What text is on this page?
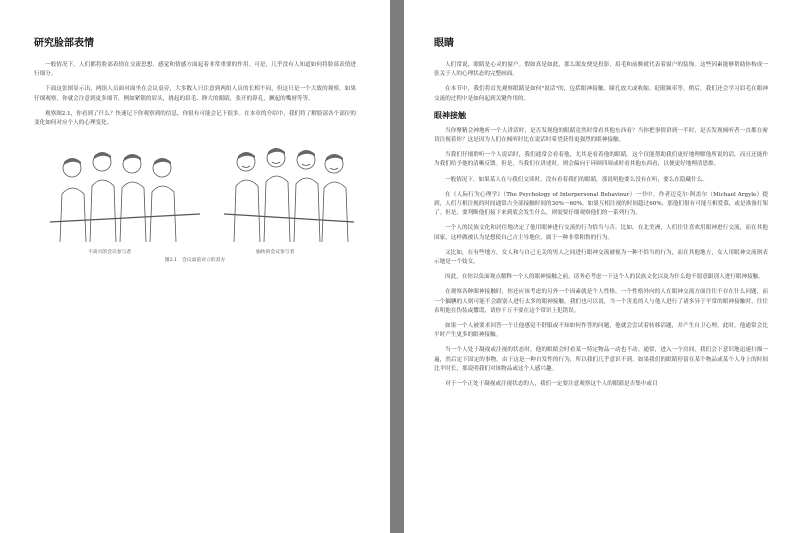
研究脸部表情

一般情况下，人们都将脸部表情在交流思想、感觉和情感方面起着非常重要的作用。可是，几乎没有人知道如何将脸部表情进行细分。

下面这张图显示出，两组人员面对面坐在会议桌旁，大多数人只注意到两组人员的长相不同，但这只是一个大致的观察。如果仔细观察，你就会注意到更多细节，例如紧锁的眉头，挑起的眉毛、睁大的眼睛，张开的鼻孔，撅起的嘴唇等等。

观察图2.1，你看到了什么？快速记下你观察到的信息，你很有可能会记下很多。在本章的介绍中，我们将了解脸部各个部位的变化如何对应个人的心理变化。

不高兴的会议参与者	愉快的会议参与者
图2.1　会议桌前对立的双方
眼睛

人们常说，眼睛是心灵的窗户。假如真是如此，那么眼皮便是投影，眉毛和前额就代表着窗户的装饰。这些因素能够帮助你构成一张关于人的心理状态的完整画面。

在本节中，我们将首先观察眼睛是如何"说话"的，包括眼神接触、瞳孔放大或收缩、眨眼频率等。稍后，我们还会学习眉毛在眼神交流的过程中是如何起到关键作用的。

眼神接触

当你聚精会神地听一个人讲话时，是否发现他的眼睛竟然时常看其他东西看？当你把事情讲到一半时，是否发现倾听者一直都在密切注视着你？这是因为人们在倾听时比在说话时希望获得更强烈的眼神接触。

当我们仔细聆听一个人说话时，我们通常会看着他，尤其是看着他的眼睛。这个仅能帮助我们更好地理解他所说的话，而且还能作为我们给予他的清晰反馈。但是，当我们在讲述时，则会偏向于环顾四周或时看其他东西看，以便更好地理清思维。

一般情况下，如果某人在与我们交谈时，没有看着我们的眼睛，那说明他要么没有在听，要么在隐藏什么。

在《人际行为心理学》（The Psychology of Interpersonal Behaviour）一书中，作者迈克尔·阿盖尔（Michael Argyle）提到，人们互相注视的时间通常占全部接触时间的30%～60%。如果互相注视的时间超过60%，那他们很有可能互相爱慕，或是准备打架了。但是，要判断他们接下来到底会发生什么，则需要仔细观察他们的一系列行为。

一个人的民族文化和居住地决定了他用眼神进行交流的行为恰当与否。比如，在北美洲，人们往往喜欢用眼神进行交流，而在其他国家，这样做被认为是想使自己占主导地位，属于一种非常粗鲁的行为。

又比如，在有些地方，女人和与自己无关的男人之间进行眼神交流被视为一种不恰当的行为，而在其他地方，女人用眼神交流则表示她是一个妓女。

因此，在你以负面观点解释一个人的眼神接触之前，请务必考虑一下这个人的民族文化以及为什么他不愿意跟别人进行眼神接触。

在观察各种眼神接触时，你还应该考虑的另外一个因素就是个人性格。一个性格外向的人在眼神交流方面往往不存在什么问题，而一个腼腆的人则可能不会跟别人进行太多的眼神接触。我们也可以说，当一个害羞的人与他人进行了诸多异于平常的眼神接触时，往往表明他在伪装或撒谎，请你千万不要在这个常识上犯错误。

如果一个人被要求回答一个让他感觉不舒服或不知如何作答的问题，他就会尝试着转移话题，并产生自卫心理。此时，他通常会比平时产生更多的眼神接触。

当一个人处于凝视或注视的状态时，他的眼睛会时看某一特定物品一动也不动。通常，进入一个房间，我们会下意识地迅速扫描一遍，然后定下固定的事物。由于这是一种自发性的行为，所以我们几乎意识不到。如果我们的眼睛停留在某个物品或某个人身上的时间比平时长，那说明我们对该物品或这个人感兴趣。

对于一个正处于凝视或注视状态的人，我们一定要注意观察这个人的眼睛是否集中或目
